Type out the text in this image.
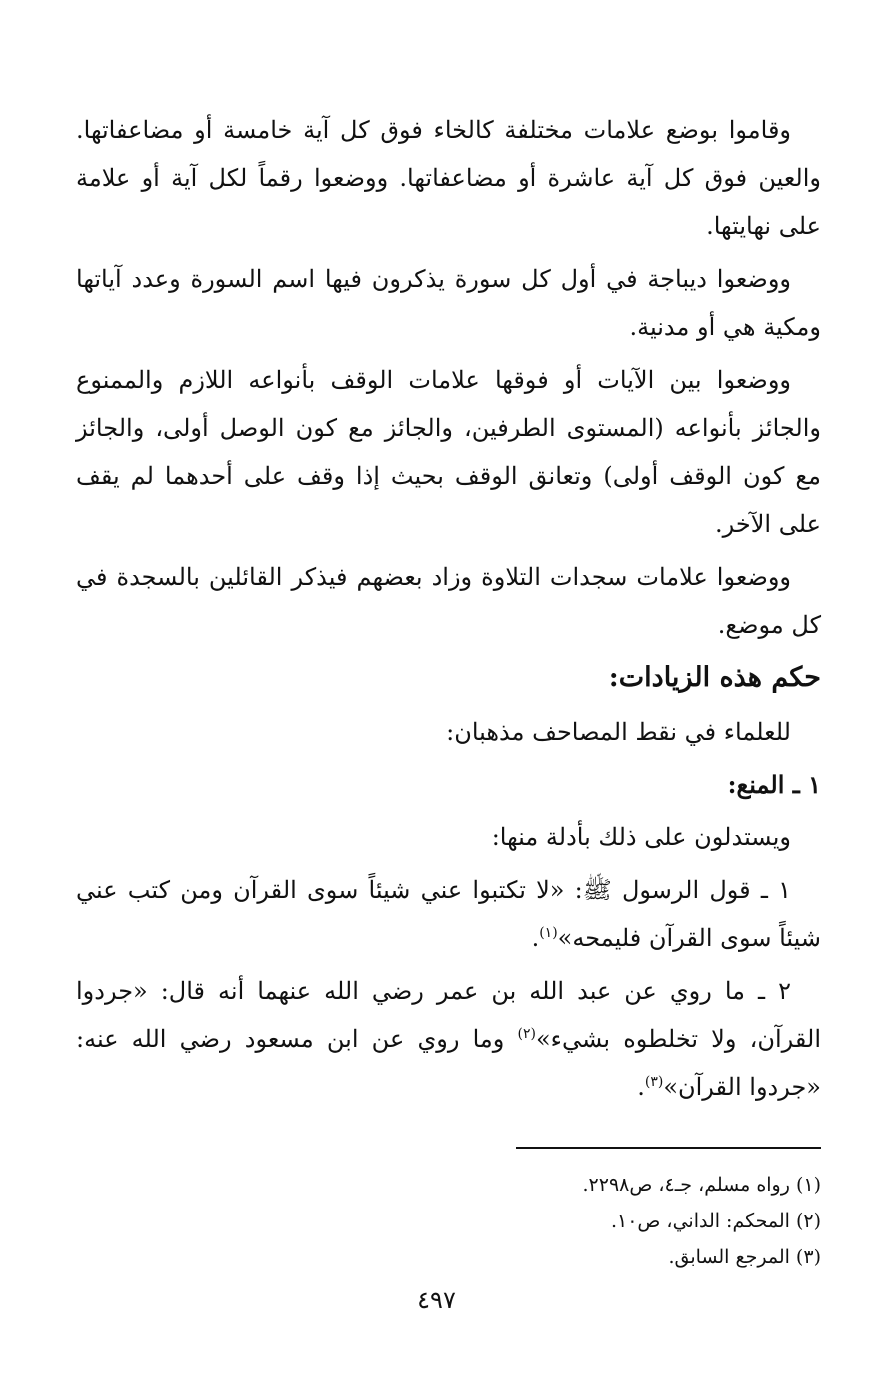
وقاموا بوضع علامات مختلفة كالخاء فوق كل آية خامسة أو مضاعفاتها. والعين فوق كل آية عاشرة أو مضاعفاتها. ووضعوا رقماً لكل آية أو علامة على نهايتها.

ووضعوا ديباجة في أول كل سورة يذكرون فيها اسم السورة وعدد آياتها ومكية هي أو مدنية.

ووضعوا بين الآيات أو فوقها علامات الوقف بأنواعه اللازم والممنوع والجائز بأنواعه (المستوى الطرفين، والجائز مع كون الوصل أولى، والجائز مع كون الوقف أولى) وتعانق الوقف بحيث إذا وقف على أحدهما لم يقف على الآخر.

ووضعوا علامات سجدات التلاوة وزاد بعضهم فيذكر القائلين بالسجدة في كل موضع.

حكم هذه الزيادات:

للعلماء في نقط المصاحف مذهبان:

١ ـ المنع:

ويستدلون على ذلك بأدلة منها:

١ ـ قول الرسول ﷺ: «لا تكتبوا عني شيئاً سوى القرآن ومن كتب عني شيئاً سوى القرآن فليمحه»$^{(١)}$.

٢ ـ ما روي عن عبد الله بن عمر رضي الله عنهما أنه قال: «جردوا القرآن، ولا تخلطوه بشيء»$^{(٢)}$ وما روي عن ابن مسعود رضي الله عنه: «جردوا القرآن»$^{(٣)}$.

(١) رواه مسلم، جـ٤، ص٢٢٩٨.

(٢) المحكم: الداني، ص١٠.

(٣) المرجع السابق.

٤٩٧
